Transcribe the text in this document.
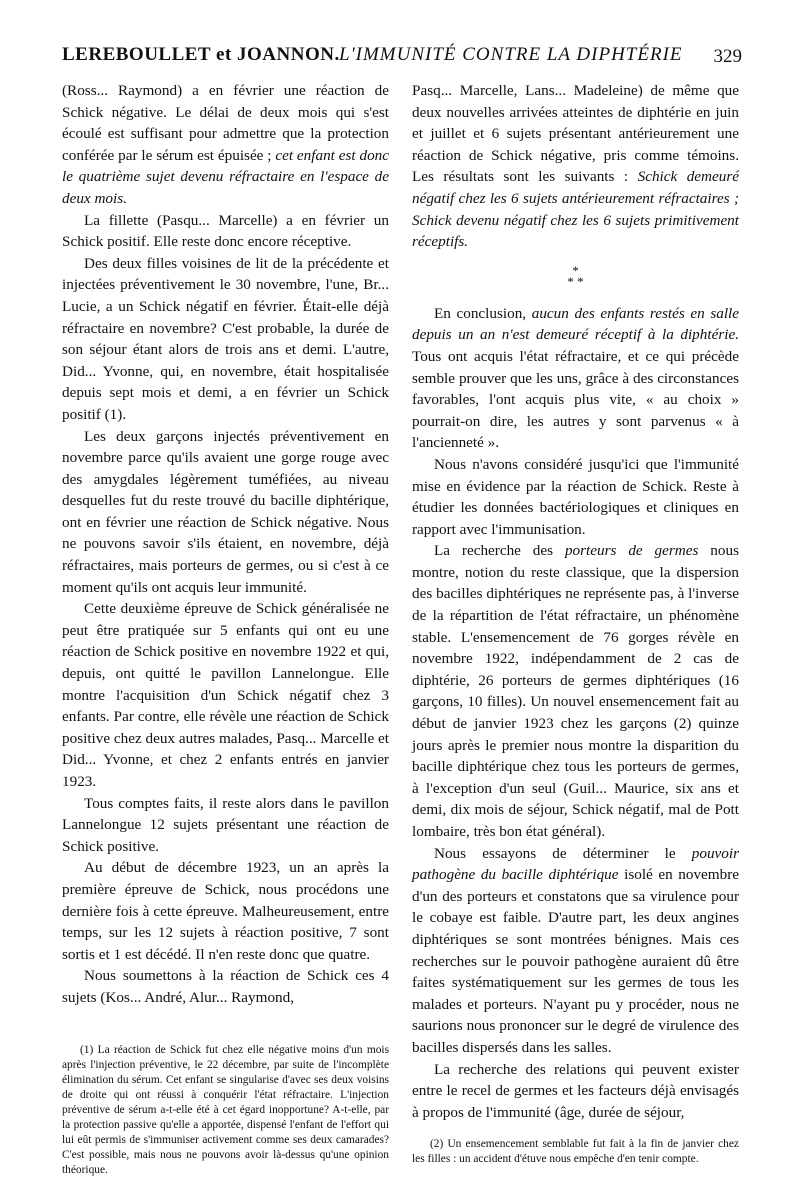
LEREBOULLET et JOANNON. L'IMMUNITÉ CONTRE LA DIPHTÉRIE 329

(Ross... Raymond) a en février une réaction de Schick négative. Le délai de deux mois qui s'est écoulé est suffisant pour admettre que la protection conférée par le sérum est épuisée ; cet enfant est donc le quatrième sujet devenu réfractaire en l'espace de deux mois.

La fillette (Pasqu... Marcelle) a en février un Schick positif. Elle reste donc encore réceptive.

Des deux filles voisines de lit de la précédente et injectées préventivement le 30 novembre, l'une, Br... Lucie, a un Schick négatif en février. Était-elle déjà réfractaire en novembre? C'est probable, la durée de son séjour étant alors de trois ans et demi. L'autre, Did... Yvonne, qui, en novembre, était hospitalisée depuis sept mois et demi, a en février un Schick positif (1).

Les deux garçons injectés préventivement en novembre parce qu'ils avaient une gorge rouge avec des amygdales légèrement tuméfiées, au niveau desquelles fut du reste trouvé du bacille diphtérique, ont en février une réaction de Schick négative. Nous ne pouvons savoir s'ils étaient, en novembre, déjà réfractaires, mais porteurs de germes, ou si c'est à ce moment qu'ils ont acquis leur immunité.

Cette deuxième épreuve de Schick généralisée ne peut être pratiquée sur 5 enfants qui ont eu une réaction de Schick positive en novembre 1922 et qui, depuis, ont quitté le pavillon Lannelongue. Elle montre l'acquisition d'un Schick négatif chez 3 enfants. Par contre, elle révèle une réaction de Schick positive chez deux autres malades, Pasq... Marcelle et Did... Yvonne, et chez 2 enfants entrés en janvier 1923.

Tous comptes faits, il reste alors dans le pavillon Lannelongue 12 sujets présentant une réaction de Schick positive.

Au début de décembre 1923, un an après la première épreuve de Schick, nous procédons une dernière fois à cette épreuve. Malheureusement, entre temps, sur les 12 sujets à réaction positive, 7 sont sortis et 1 est décédé. Il n'en reste donc que quatre.

Nous soumettons à la réaction de Schick ces 4 sujets (Kos... André, Alur... Raymond,

(1) La réaction de Schick fut chez elle négative moins d'un mois après l'injection préventive, le 22 décembre, par suite de l'incomplète élimination du sérum. Cet enfant se singularise d'avec ses deux voisins de droite qui ont réussi à conquérir l'état réfractaire. L'injection préventive de sérum a-t-elle été à cet égard inopportune? A-t-elle, par la protection passive qu'elle a apportée, dispensé l'enfant de l'effort qui lui eût permis de s'immuniser activement comme ses deux camarades? C'est possible, mais nous ne pouvons avoir là-dessus qu'une opinion théorique.

Pasq... Marcelle, Lans... Madeleine) de même que deux nouvelles arrivées atteintes de diphtérie en juin et juillet et 6 sujets présentant antérieurement une réaction de Schick négative, pris comme témoins. Les résultats sont les suivants : Schick demeuré négatif chez les 6 sujets antérieurement réfractaires ; Schick devenu négatif chez les 6 sujets primitivement réceptifs.

*
* *

En conclusion, aucun des enfants restés en salle depuis un an n'est demeuré réceptif à la diphtérie. Tous ont acquis l'état réfractaire, et ce qui précède semble prouver que les uns, grâce à des circonstances favorables, l'ont acquis plus vite, « au choix » pourrait-on dire, les autres y sont parvenus « à l'ancienneté ».

Nous n'avons considéré jusqu'ici que l'immunité mise en évidence par la réaction de Schick. Reste à étudier les données bactériologiques et cliniques en rapport avec l'immunisation.

La recherche des porteurs de germes nous montre, notion du reste classique, que la dispersion des bacilles diphtériques ne représente pas, à l'inverse de la répartition de l'état réfractaire, un phénomène stable. L'ensemencement de 76 gorges révèle en novembre 1922, indépendamment de 2 cas de diphtérie, 26 porteurs de germes diphtériques (16 garçons, 10 filles). Un nouvel ensemencement fait au début de janvier 1923 chez les garçons (2) quinze jours après le premier nous montre la disparition du bacille diphtérique chez tous les porteurs de germes, à l'exception d'un seul (Guil... Maurice, six ans et demi, dix mois de séjour, Schick négatif, mal de Pott lombaire, très bon état général).

Nous essayons de déterminer le pouvoir pathogène du bacille diphtérique isolé en novembre d'un des porteurs et constatons que sa virulence pour le cobaye est faible. D'autre part, les deux angines diphtériques se sont montrées bénignes. Mais ces recherches sur le pouvoir pathogène auraient dû être faites systématiquement sur les germes de tous les malades et porteurs. N'ayant pu y procéder, nous ne saurions nous prononcer sur le degré de virulence des bacilles dispersés dans les salles.

La recherche des relations qui peuvent exister entre le recel de germes et les facteurs déjà envisagés à propos de l'immunité (âge, durée de séjour,

(2) Un ensemencement semblable fut fait à la fin de janvier chez les filles : un accident d'étuve nous empêche d'en tenir compte.
